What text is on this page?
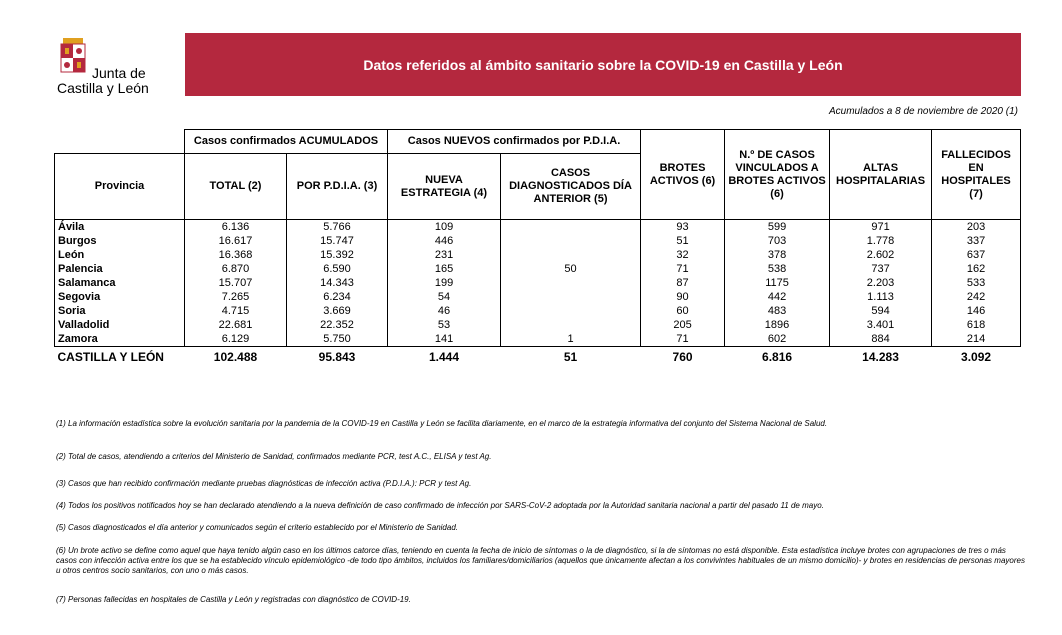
Junta de
Castilla y León
Datos referidos al ámbito sanitario sobre la COVID-19 en Castilla y León
Acumulados a 8 de noviembre de 2020 (1)
	Casos confirmados ACUMULADOS		Casos NUEVOS confirmados por P.D.I.A.		BROTES ACTIVOS (6)	N.º DE CASOS VINCULADOS A BROTES ACTIVOS (6)	ALTAS HOSPITALARIAS	FALLECIDOS EN HOSPITALES (7)
Provincia	TOTAL (2)	POR P.D.I.A. (3)	NUEVA ESTRATEGIA (4)	CASOS DIAGNOSTICADOS DÍA ANTERIOR (5)				
Ávila	6.136	5.766	109		93	599	971	203
Burgos	16.617	15.747	446		51	703	1.778	337
León	16.368	15.392	231		32	378	2.602	637
Palencia	6.870	6.590	165	50	71	538	737	162
Salamanca	15.707	14.343	199		87	1175	2.203	533
Segovia	7.265	6.234	54		90	442	1.113	242
Soria	4.715	3.669	46		60	483	594	146
Valladolid	22.681	22.352	53		205	1896	3.401	618
Zamora	6.129	5.750	141	1	71	602	884	214
CASTILLA Y LEÓN	102.488	95.843	1.444	51	760	6.816	14.283	3.092
(1) La información estadística sobre la evolución sanitaria por la pandemia de la COVID-19 en Castilla y León se facilita diariamente, en el marco de la estrategia informativa del conjunto del Sistema Nacional de Salud.
(2) Total de casos, atendiendo a criterios del Ministerio de Sanidad, confirmados mediante PCR, test A.C., ELISA y test Ag.
(3) Casos que han recibido confirmación mediante pruebas diagnósticas de infección activa (P.D.I.A.): PCR y test Ag.
(4) Todos los positivos notificados hoy se han declarado atendiendo a la nueva definición de caso confirmado de infección por SARS-CoV-2 adoptada por la Autoridad sanitaria nacional a partir del pasado 11 de mayo.
(5) Casos diagnosticados el día anterior y comunicados según el criterio establecido por el Ministerio de Sanidad.
(6) Un brote activo se define como aquel que haya tenido algún caso en los últimos catorce días, teniendo en cuenta la fecha de inicio de síntomas o la de diagnóstico, si la de síntomas no está disponible. Esta estadística incluye brotes con agrupaciones de tres o más casos con infección activa entre los que se ha establecido vínculo epidemiológico -de todo tipo ámbitos, incluidos los familiares/domiciliarios (aquellos que únicamente afectan a los convivintes habituales de un mismo domicilio)- y brotes en residencias de personas mayores u otros centros socio sanitarios, con uno o más casos.
(7) Personas fallecidas en hospitales de Castilla y León y registradas con diagnóstico de COVID-19.
